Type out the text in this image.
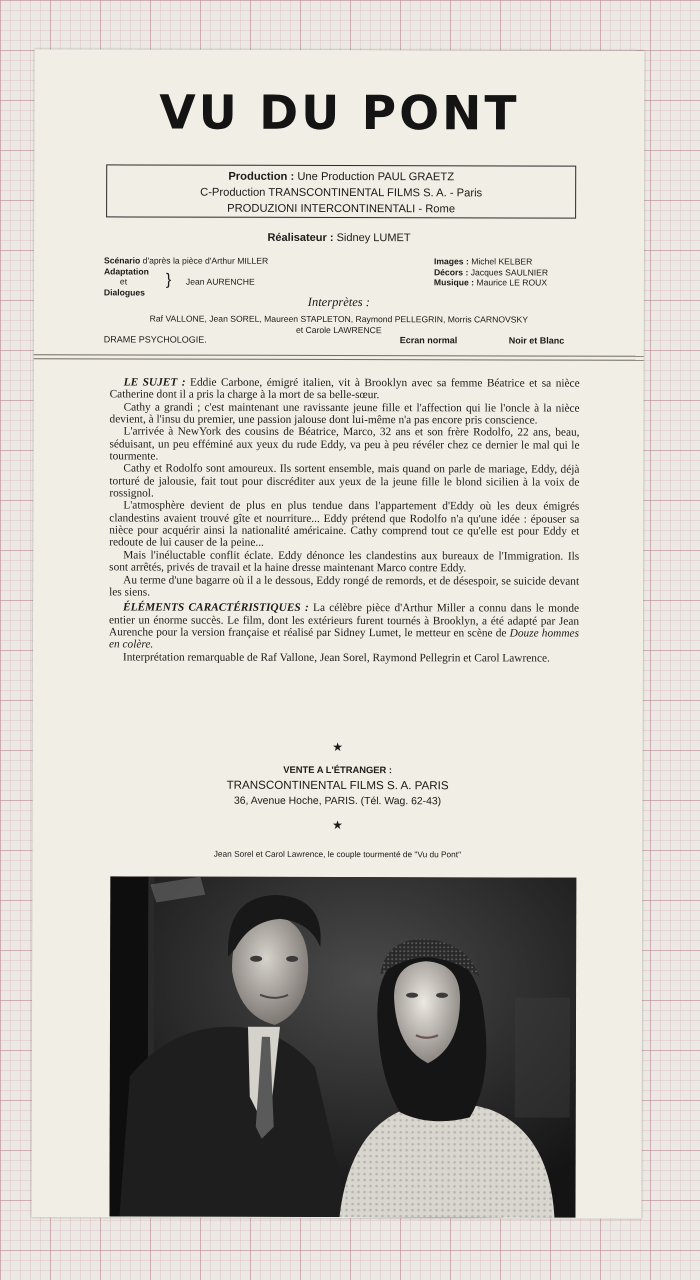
VU DU PONT
Production : Une Production PAUL GRAETZ
C-Production TRANSCONTINENTAL FILMS S. A. - Paris
PRODUZIONI INTERCONTINENTALI - Rome
Réalisateur : Sidney LUMET
Scénario d'après la pièce d'Arthur MILLER
Adaptation
et
Dialogues
} Jean AURENCHE
Images : Michel KELBER
Décors : Jacques SAULNIER
Musique : Maurice LE ROUX
Interprètes :
Raf VALLONE, Jean SOREL, Maureen STAPLETON, Raymond PELLEGRIN, Morris CARNOVSKY
et Carole LAWRENCE
DRAME PSYCHOLOGIE.	Ecran normal	Noir et Blanc

LE SUJET : Eddie Carbone, émigré italien, vit à Brooklyn avec sa femme Béatrice et sa nièce Catherine dont il a pris la charge à la mort de sa belle-sœur.

Cathy a grandi ; c'est maintenant une ravissante jeune fille et l'affection qui lie l'oncle à la nièce devient, à l'insu du premier, une passion jalouse dont lui-même n'a pas encore pris conscience.

L'arrivée à NewYork des cousins de Béatrice, Marco, 32 ans et son frère Rodolfo, 22 ans, beau, séduisant, un peu efféminé aux yeux du rude Eddy, va peu à peu révéler chez ce dernier le mal qui le tourmente.

Cathy et Rodolfo sont amoureux. Ils sortent ensemble, mais quand on parle de mariage, Eddy, déjà torturé de jalousie, fait tout pour discréditer aux yeux de la jeune fille le blond sicilien à la voix de rossignol.

L'atmosphère devient de plus en plus tendue dans l'appartement d'Eddy où les deux émigrés clandestins avaient trouvé gîte et nourriture... Eddy prétend que Rodolfo n'a qu'une idée : épouser sa nièce pour acquérir ainsi la nationalité américaine. Cathy comprend tout ce qu'elle est pour Eddy et redoute de lui causer de la peine...

Mais l'inéluctable conflit éclate. Eddy dénonce les clandestins aux bureaux de l'Immigration. Ils sont arrêtés, privés de travail et la haine dresse maintenant Marco contre Eddy.

Au terme d'une bagarre où il a le dessous, Eddy rongé de remords, et de désespoir, se suicide devant les siens.

ÉLÉMENTS CARACTÉRISTIQUES : La célèbre pièce d'Arthur Miller a connu dans le monde entier un énorme succès. Le film, dont les extérieurs furent tournés à Brooklyn, a été adapté par Jean Aurenche pour la version française et réalisé par Sidney Lumet, le metteur en scène de Douze hommes en colère.

Interprétation remarquable de Raf Vallone, Jean Sorel, Raymond Pellegrin et Carol Lawrence.

★
VENTE A L'ÉTRANGER :
TRANSCONTINENTAL FILMS S. A. PARIS
36, Avenue Hoche, PARIS. (Tél. Wag. 62-43)
★
Jean Sorel et Carol Lawrence, le couple tourmenté de "Vu du Pont"
